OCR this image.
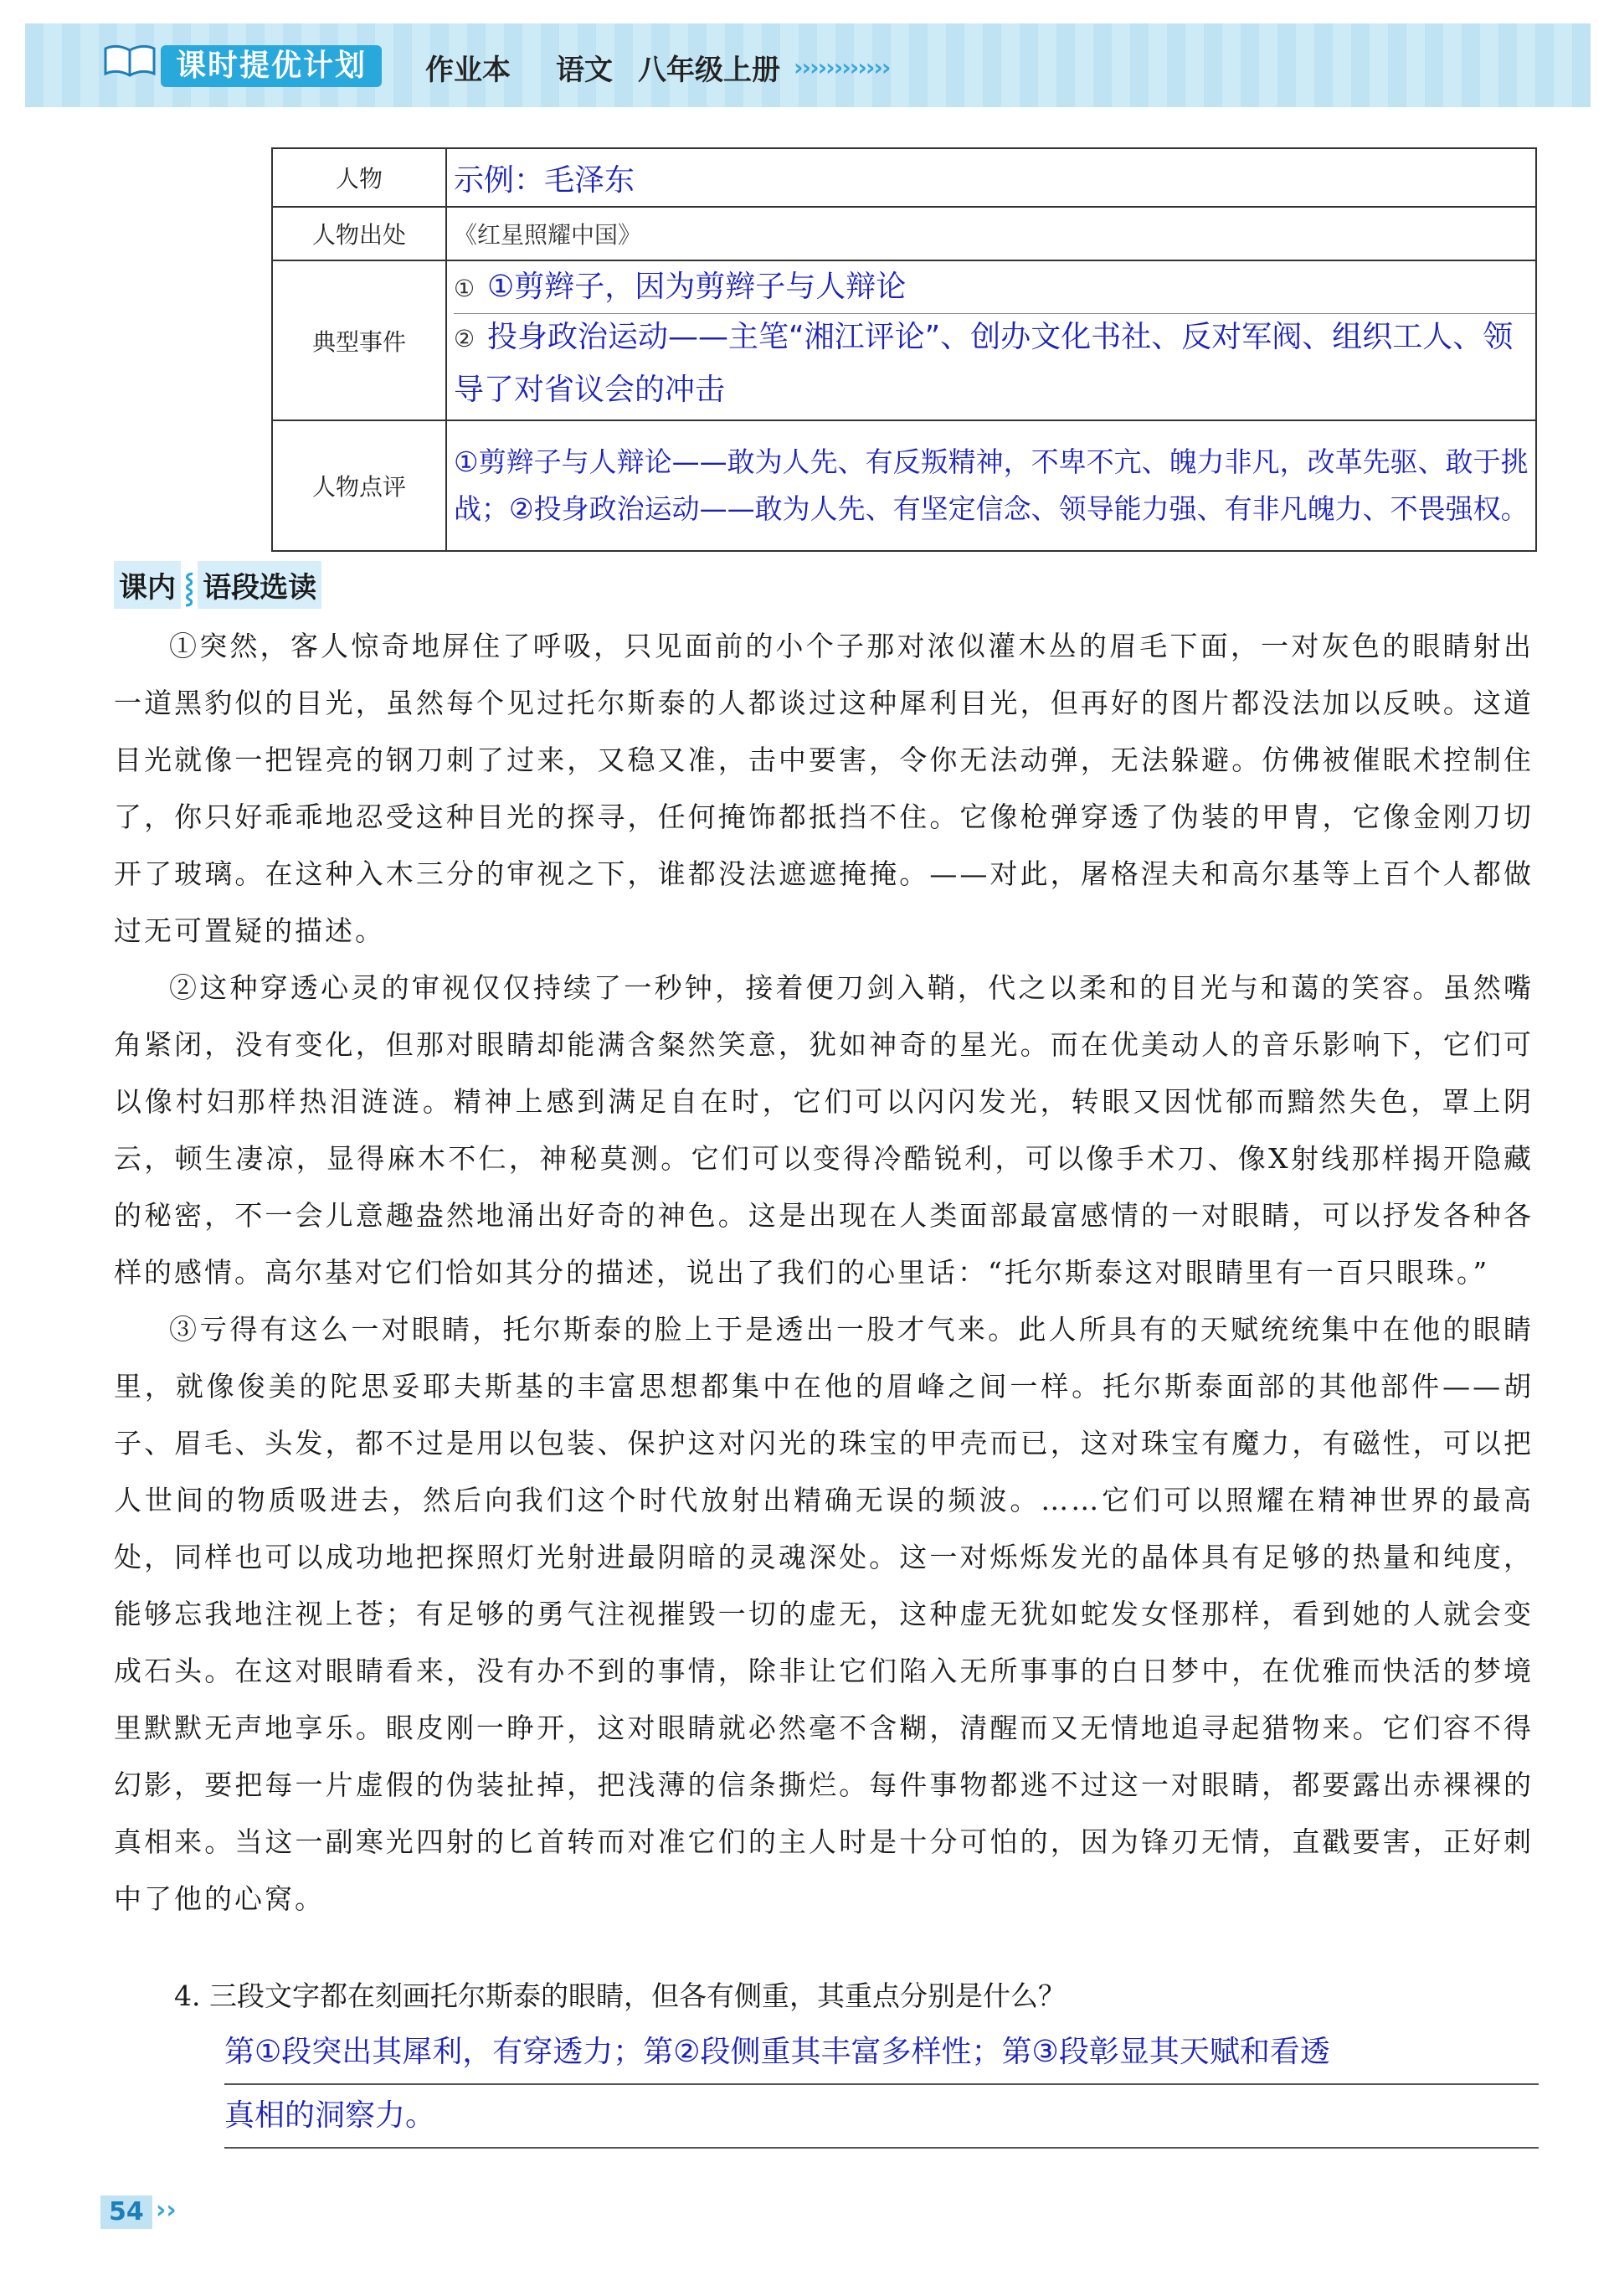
课时提优计划	作业本 语文 八年级上册 ››››››››››››
人物	示例：毛泽东
人物出处	《红星照耀中国》
典型事件	① ①剪辫子，因为剪辫子与人辩论
② 投身政治运动——主笔“湘江评论”、创办文化书社、反对军阀、组织工人、领导了对省议会的冲击

人物点评	①剪辫子与人辩论——敢为人先、有反叛精神，不卑不亢、魄力非凡，改革先驱、敢于挑战；②投身政治运动——敢为人先、有坚定信念、领导能力强、有非凡魄力、不畏强权。
课内 ⸾ 语段选读

①突然，客人惊奇地屏住了呼吸，只见面前的小个子那对浓似灌木丛的眉毛下面，一对灰色的眼睛射出一道黑豹似的目光，虽然每个见过托尔斯泰的人都谈过这种犀利目光，但再好的图片都没法加以反映。这道目光就像一把锃亮的钢刀刺了过来，又稳又准，击中要害，令你无法动弹，无法躲避。仿佛被催眠术控制住了，你只好乖乖地忍受这种目光的探寻，任何掩饰都抵挡不住。它像枪弹穿透了伪装的甲胄，它像金刚刀切开了玻璃。在这种入木三分的审视之下，谁都没法遮遮掩掩。——对此，屠格涅夫和高尔基等上百个人都做过无可置疑的描述。

②这种穿透心灵的审视仅仅持续了一秒钟，接着便刀剑入鞘，代之以柔和的目光与和蔼的笑容。虽然嘴角紧闭，没有变化，但那对眼睛却能满含粲然笑意，犹如神奇的星光。而在优美动人的音乐影响下，它们可以像村妇那样热泪涟涟。精神上感到满足自在时，它们可以闪闪发光，转眼又因忧郁而黯然失色，罩上阴云，顿生凄凉，显得麻木不仁，神秘莫测。它们可以变得冷酷锐利，可以像手术刀、像X射线那样揭开隐藏的秘密，不一会儿意趣盎然地涌出好奇的神色。这是出现在人类面部最富感情的一对眼睛，可以抒发各种各样的感情。高尔基对它们恰如其分的描述，说出了我们的心里话：“托尔斯泰这对眼睛里有一百只眼珠。”

③亏得有这么一对眼睛，托尔斯泰的脸上于是透出一股才气来。此人所具有的天赋统统集中在他的眼睛里，就像俊美的陀思妥耶夫斯基的丰富思想都集中在他的眉峰之间一样。托尔斯泰面部的其他部件——胡子、眉毛、头发，都不过是用以包装、保护这对闪光的珠宝的甲壳而已，这对珠宝有魔力，有磁性，可以把人世间的物质吸进去，然后向我们这个时代放射出精确无误的频波。……它们可以照耀在精神世界的最高处，同样也可以成功地把探照灯光射进最阴暗的灵魂深处。这一对烁烁发光的晶体具有足够的热量和纯度，能够忘我地注视上苍；有足够的勇气注视摧毁一切的虚无，这种虚无犹如蛇发女怪那样，看到她的人就会变成石头。在这对眼睛看来，没有办不到的事情，除非让它们陷入无所事事的白日梦中，在优雅而快活的梦境里默默无声地享乐。眼皮刚一睁开，这对眼睛就必然毫不含糊，清醒而又无情地追寻起猎物来。它们容不得幻影，要把每一片虚假的伪装扯掉，把浅薄的信条撕烂。每件事物都逃不过这一对眼睛，都要露出赤裸裸的真相来。当这一副寒光四射的匕首转而对准它们的主人时是十分可怕的，因为锋刃无情，直戳要害，正好刺中了他的心窝。

4. 三段文字都在刻画托尔斯泰的眼睛，但各有侧重，其重点分别是什么？
第①段突出其犀利，有穿透力；第②段侧重其丰富多样性；第③段彰显其天赋和看透
真相的洞察力。
54 ››
